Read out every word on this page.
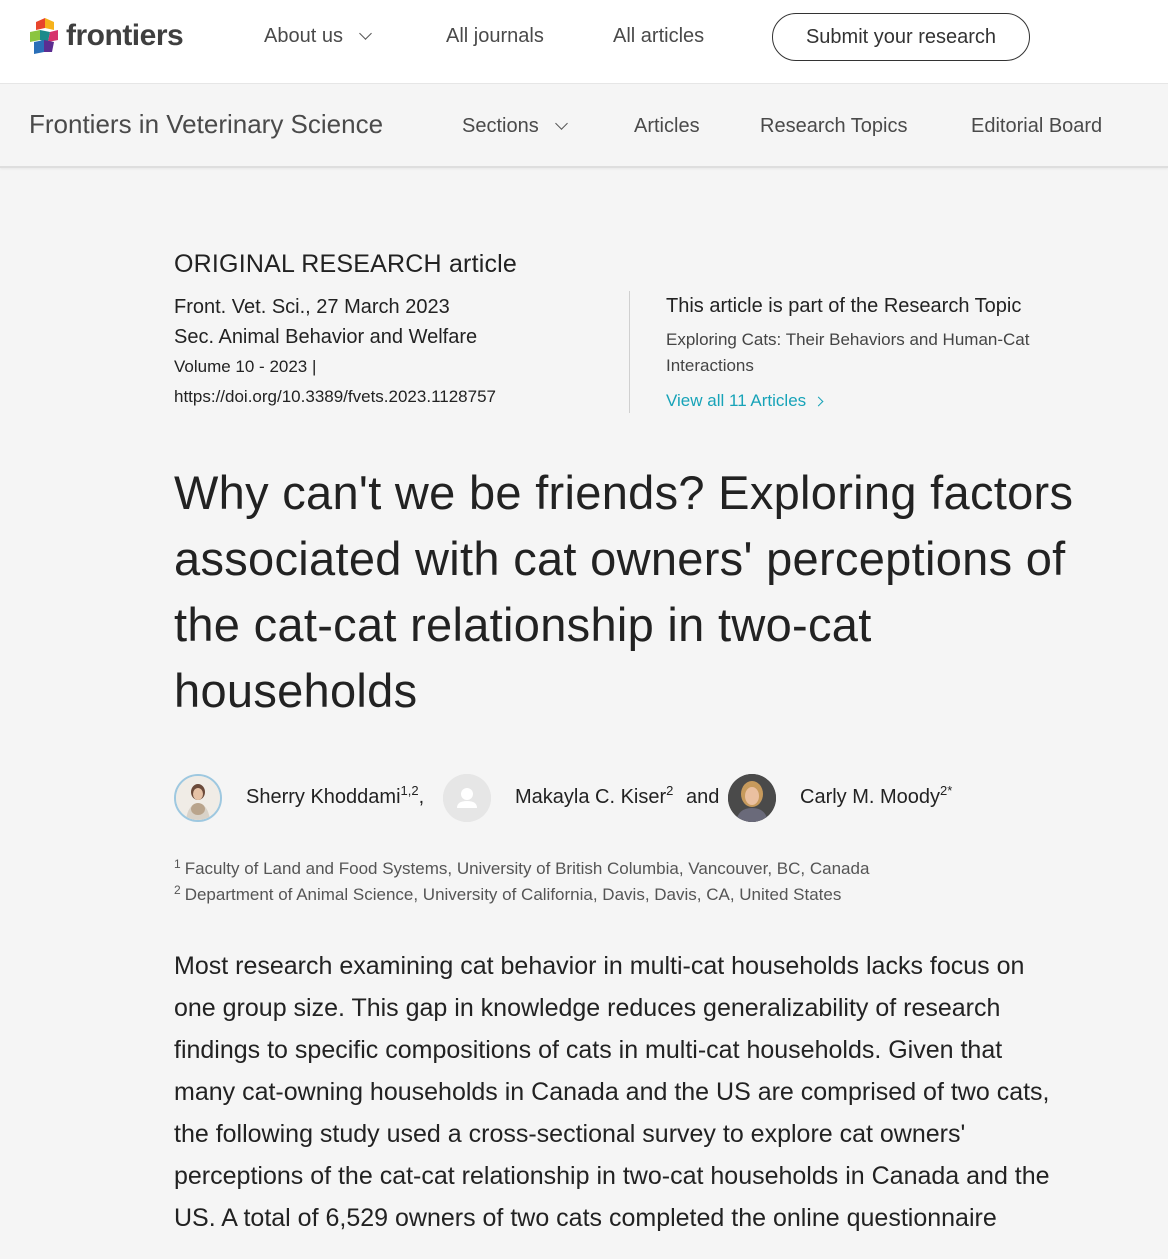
frontiers	About us	All journals	All articles	Submit your research
Frontiers in Veterinary Science	Sections	Articles	Research Topics	Editorial Board
ORIGINAL RESEARCH article
Front. Vet. Sci., 27 March 2023
Sec. Animal Behavior and Welfare
Volume 10 - 2023 |
https://doi.org/10.3389/fvets.2023.1128757
This article is part of the Research Topic
Exploring Cats: Their Behaviors and Human-Cat Interactions
View all 11 Articles
Why can't we be friends? Exploring factors associated with cat owners' perceptions of the cat-cat relationship in two-cat households
Sherry Khoddami$^{1,2}$,	Makayla C. Kiser$^2$ and	Carly M. Moody$^{2*}$
$^1$ Faculty of Land and Food Systems, University of British Columbia, Vancouver, BC, Canada
$^2$ Department of Animal Science, University of California, Davis, Davis, CA, United States

Most research examining cat behavior in multi-cat households lacks focus on one group size. This gap in knowledge reduces generalizability of research findings to specific compositions of cats in multi-cat households. Given that many cat-owning households in Canada and the US are comprised of two cats, the following study used a cross-sectional survey to explore cat owners' perceptions of the cat-cat relationship in two-cat households in Canada and the US. A total of 6,529 owners of two cats completed the online questionnaire
